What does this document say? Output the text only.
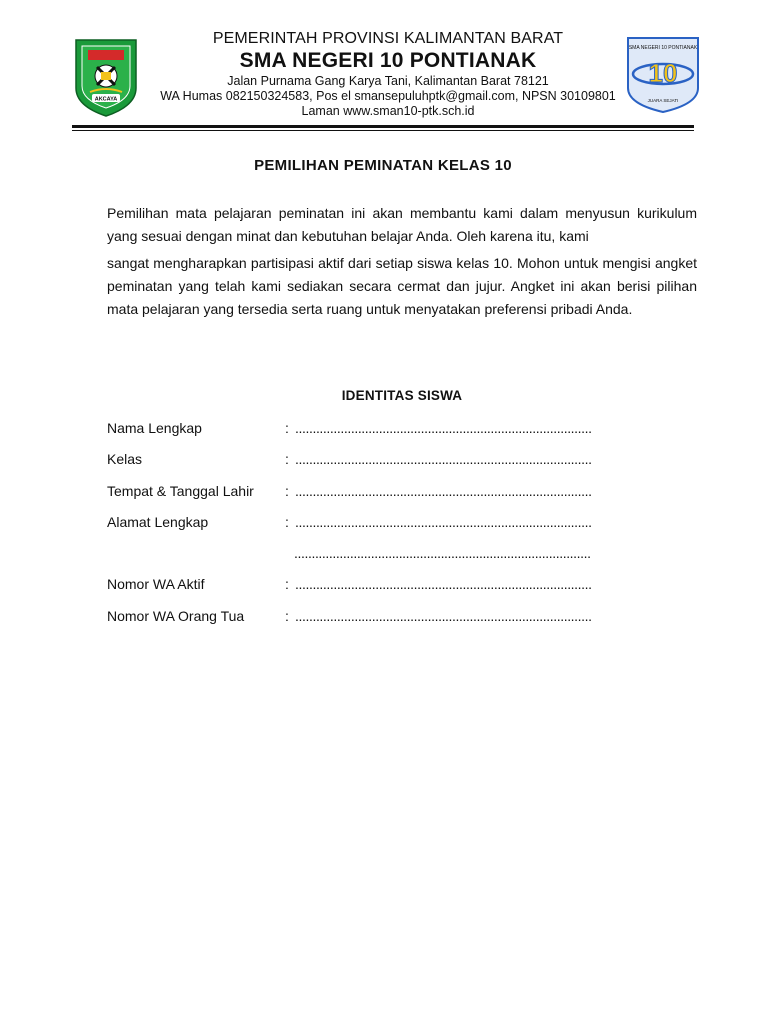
AKCAYA
PEMERINTAH PROVINSI KALIMANTAN BARAT
SMA NEGERI 10 PONTIANAK
Jalan Purnama Gang Karya Tani, Kalimantan Barat 78121
WA Humas 082150324583, Pos el smansepuluhptk@gmail.com, NPSN 30109801
Laman www.sman10-ptk.sch.id
SMA NEGERI 10 PONTIANAK
10
JUARA SEJATI
PEMILIHAN PEMINATAN KELAS 10

Pemilihan mata pelajaran peminatan ini akan membantu kami dalam menyusun kurikulum yang sesuai dengan minat dan kebutuhan belajar Anda. Oleh karena itu, kami

sangat mengharapkan partisipasi aktif dari setiap siswa kelas 10. Mohon untuk mengisi angket peminatan yang telah kami sediakan secara cermat dan jujur. Angket ini akan berisi pilihan mata pelajaran yang tersedia serta ruang untuk menyatakan preferensi pribadi Anda.

IDENTITAS SISWA
Nama Lengkap	: .....................................................................................
Kelas	: .....................................................................................
Tempat & Tanggal Lahir : .....................................................................................
Alamat Lengkap	: .....................................................................................
.....................................................................................
Nomor WA Aktif	: .....................................................................................
Nomor WA Orang Tua	: .....................................................................................
